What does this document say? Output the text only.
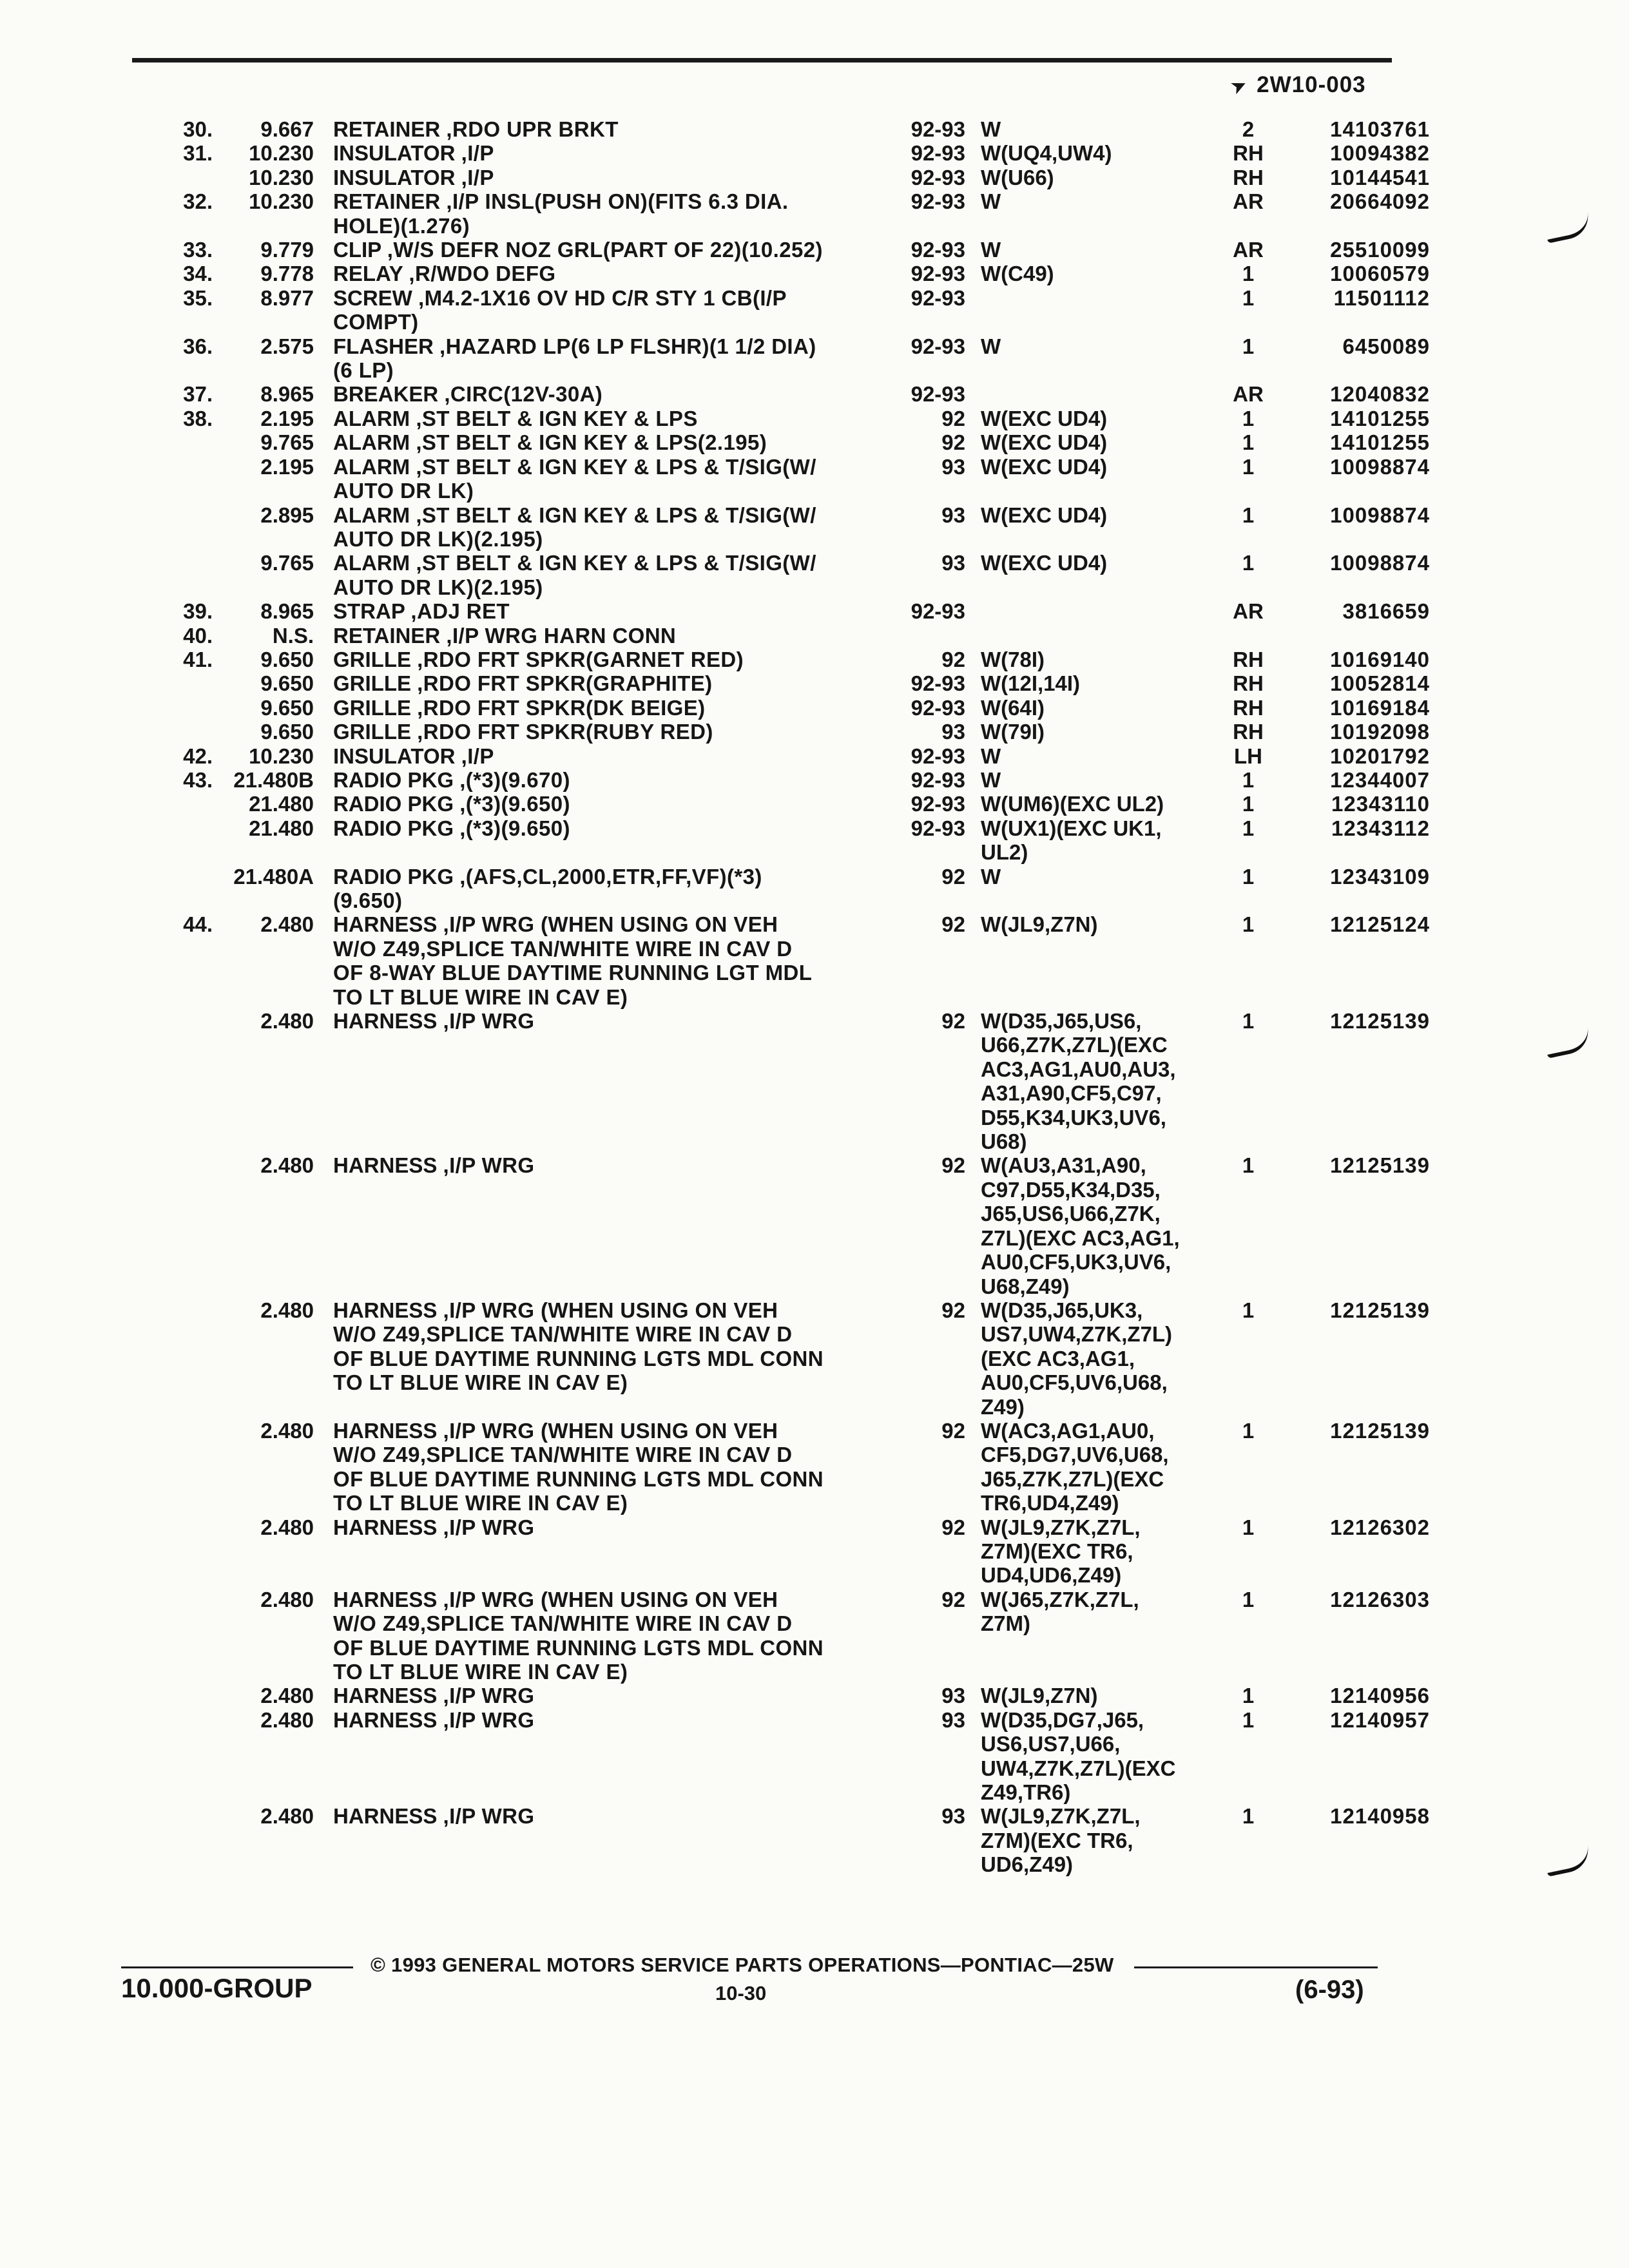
➤ 2W10-003
30.	9.667 RETAINER ,RDO UPR BRKT	92-93 W	2	14103761
31.	10.230 INSULATOR ,I/P	92-93 W(UQ4,UW4)	RH	10094382
10.230 INSULATOR ,I/P	92-93 W(U66)	RH	10144541
32.	10.230 RETAINER ,I/P INSL(PUSH ON)(FITS 6.3 DIA.
HOLE)(1.276)
92-93 W	AR	20664092
33.	9.779 CLIP ,W/S DEFR NOZ GRL(PART OF 22)(10.252)	92-93 W	AR	25510099
34.	9.778 RELAY ,R/WDO DEFG	92-93 W(C49)	1	10060579
35.	8.977 SCREW ,M4.2-1X16 OV HD C/R STY 1 CB(I/P
COMPT)
92-93	1	11501112
36.	2.575 FLASHER ,HAZARD LP(6 LP FLSHR)(1 1/2 DIA)
(6 LP)
92-93 W	1	6450089
37.	8.965 BREAKER ,CIRC(12V-30A)	92-93	AR	12040832
38.	2.195 ALARM ,ST BELT & IGN KEY & LPS	92 W(EXC UD4)	1	14101255
9.765 ALARM ,ST BELT & IGN KEY & LPS(2.195)	92 W(EXC UD4)	1	14101255
2.195 ALARM ,ST BELT & IGN KEY & LPS & T/SIG(W/
AUTO DR LK)
93 W(EXC UD4)	1	10098874
2.895 ALARM ,ST BELT & IGN KEY & LPS & T/SIG(W/
AUTO DR LK)(2.195)
93 W(EXC UD4)	1	10098874
9.765 ALARM ,ST BELT & IGN KEY & LPS & T/SIG(W/
AUTO DR LK)(2.195)
93 W(EXC UD4)	1	10098874
39.	8.965 STRAP ,ADJ RET	92-93	AR	3816659
40.	N.S. RETAINER ,I/P WRG HARN CONN
41.	9.650 GRILLE ,RDO FRT SPKR(GARNET RED)	92 W(78I)	RH	10169140
9.650 GRILLE ,RDO FRT SPKR(GRAPHITE)	92-93 W(12I,14I)	RH	10052814
9.650 GRILLE ,RDO FRT SPKR(DK BEIGE)	92-93 W(64I)	RH	10169184
9.650 GRILLE ,RDO FRT SPKR(RUBY RED)	93 W(79I)	RH	10192098
42.	10.230 INSULATOR ,I/P	92-93 W	LH	10201792
43. 21.480B RADIO PKG ,(*3)(9.670)	92-93 W	1	12344007
21.480 RADIO PKG ,(*3)(9.650)	92-93 W(UM6)(EXC UL2)	1	12343110
21.480 RADIO PKG ,(*3)(9.650)	92-93 W(UX1)(EXC UK1,
UL2)
1	12343112
21.480A RADIO PKG ,(AFS,CL,2000,ETR,FF,VF)(*3)
(9.650)
92 W	1	12343109
44.	2.480 HARNESS ,I/P WRG (WHEN USING ON VEH
W/O Z49,SPLICE TAN/WHITE WIRE IN CAV D
OF 8-WAY BLUE DAYTIME RUNNING LGT MDL
TO LT BLUE WIRE IN CAV E)
92 W(JL9,Z7N)	1	12125124
2.480 HARNESS ,I/P WRG	92 W(D35,J65,US6,
U66,Z7K,Z7L)(EXC
AC3,AG1,AU0,AU3,
A31,A90,CF5,C97,
D55,K34,UK3,UV6,
U68)
1	12125139
2.480 HARNESS ,I/P WRG	92 W(AU3,A31,A90,
C97,D55,K34,D35,
J65,US6,U66,Z7K,
Z7L)(EXC AC3,AG1,
AU0,CF5,UK3,UV6,
U68,Z49)
1	12125139
2.480 HARNESS ,I/P WRG (WHEN USING ON VEH
W/O Z49,SPLICE TAN/WHITE WIRE IN CAV D
OF BLUE DAYTIME RUNNING LGTS MDL CONN
TO LT BLUE WIRE IN CAV E)
92 W(D35,J65,UK3,
US7,UW4,Z7K,Z7L)
(EXC AC3,AG1,
AU0,CF5,UV6,U68,
Z49)
1	12125139
2.480 HARNESS ,I/P WRG (WHEN USING ON VEH
W/O Z49,SPLICE TAN/WHITE WIRE IN CAV D
OF BLUE DAYTIME RUNNING LGTS MDL CONN
TO LT BLUE WIRE IN CAV E)
92 W(AC3,AG1,AU0,
CF5,DG7,UV6,U68,
J65,Z7K,Z7L)(EXC
TR6,UD4,Z49)
1	12125139
2.480 HARNESS ,I/P WRG	92 W(JL9,Z7K,Z7L,
Z7M)(EXC TR6,
UD4,UD6,Z49)
1	12126302
2.480 HARNESS ,I/P WRG (WHEN USING ON VEH
W/O Z49,SPLICE TAN/WHITE WIRE IN CAV D
OF BLUE DAYTIME RUNNING LGTS MDL CONN
TO LT BLUE WIRE IN CAV E)
92 W(J65,Z7K,Z7L,
Z7M)
1	12126303
2.480 HARNESS ,I/P WRG	93 W(JL9,Z7N)	1	12140956
2.480 HARNESS ,I/P WRG	93 W(D35,DG7,J65,
US6,US7,U66,
UW4,Z7K,Z7L)(EXC
Z49,TR6)
1	12140957
2.480 HARNESS ,I/P WRG	93 W(JL9,Z7K,Z7L,
Z7M)(EXC TR6,
UD6,Z49)
1	12140958
© 1993 GENERAL MOTORS SERVICE PARTS OPERATIONS—PONTIAC—25W
10.000-GROUP	10-30	(6-93)
